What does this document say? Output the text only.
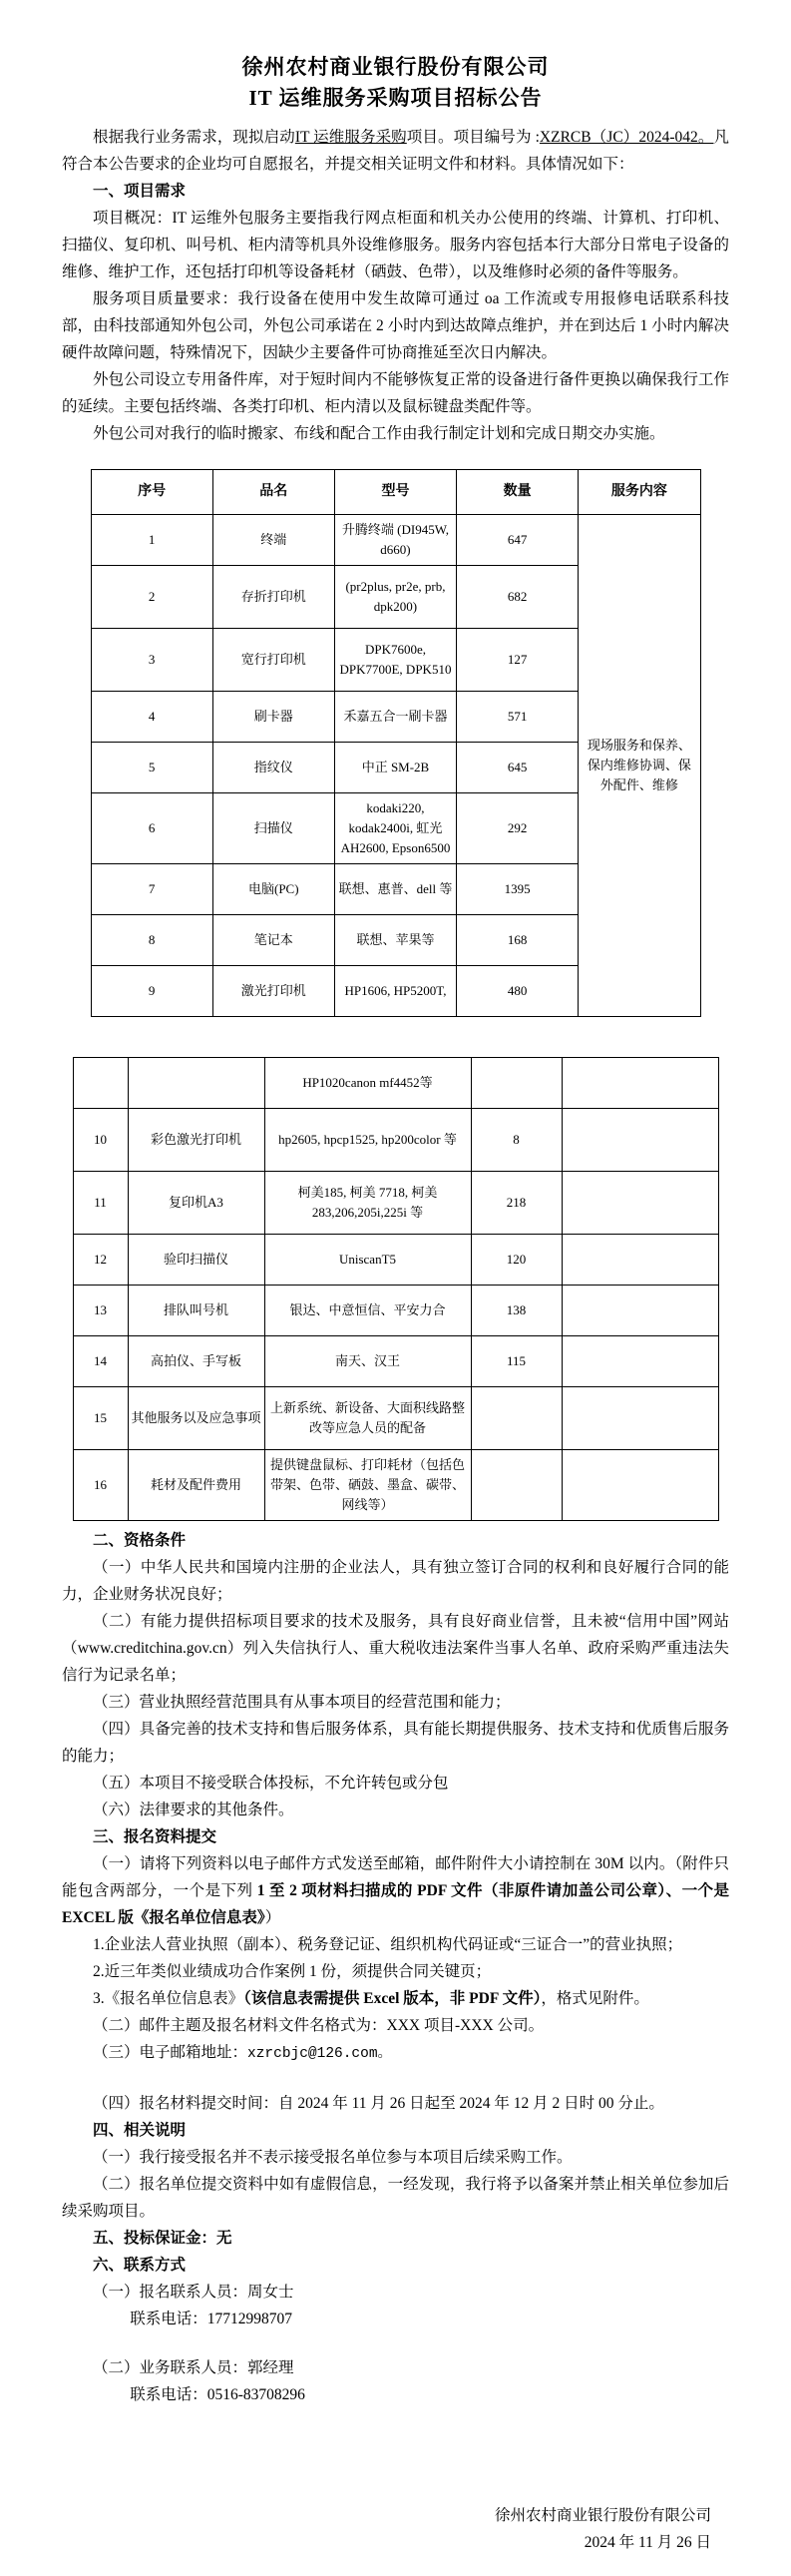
徐州农村商业银行股份有限公司
IT 运维服务采购项目招标公告

根据我行业务需求，现拟启动IT 运维服务采购项目。项目编号为 :XZRCB（JC）2024-042。凡符合本公告要求的企业均可自愿报名，并提交相关证明文件和材料。具体情况如下：

一、项目需求

项目概况：IT 运维外包服务主要指我行网点柜面和机关办公使用的终端、计算机、打印机、扫描仪、复印机、叫号机、柜内清等机具外设维修服务。服务内容包括本行大部分日常电子设备的维修、维护工作，还包括打印机等设备耗材（硒鼓、色带），以及维修时必须的备件等服务。

服务项目质量要求：我行设备在使用中发生故障可通过 oa 工作流或专用报修电话联系科技部，由科技部通知外包公司，外包公司承诺在 2 小时内到达故障点维护，并在到达后 1 小时内解决硬件故障问题，特殊情况下，因缺少主要备件可协商推延至次日内解决。

外包公司设立专用备件库，对于短时间内不能够恢复正常的设备进行备件更换以确保我行工作的延续。主要包括终端、各类打印机、柜内清以及鼠标键盘类配件等。

外包公司对我行的临时搬家、布线和配合工作由我行制定计划和完成日期交办实施。

序号	品名	型号	数量	服务内容
1	终端	升腾终端 (DI945W, d660)	647	现场服务和保养、保内维修协调、保外配件、维修
2	存折打印机	(pr2plus, pr2e, prb, dpk200)	682	
3	宽行打印机	DPK7600e, DPK7700E, DPK510	127	
4	刷卡器	禾嘉五合一刷卡器	571	
5	指纹仪	中正 SM-2B	645	
6	扫描仪	kodaki220, kodak2400i, 虹光 AH2600, Epson6500	292	
7	电脑(PC)	联想、惠普、dell 等	1395	
8	笔记本	联想、苹果等	168	
9	激光打印机	HP1606, HP5200T,	480	
		HP1020canon mf4452等		
10	彩色激光打印机	hp2605, hpcp1525, hp200color 等	8	
11	复印机A3	柯美185, 柯美 7718, 柯美 283,206,205i,225i 等	218	
12	验印扫描仪	UniscanT5	120	
13	排队叫号机	银达、中意恒信、平安力合	138	
14	高拍仪、手写板	南天、汉王	115	
15	其他服务以及应急事项	上新系统、新设备、大面积线路整改等应急人员的配备		
16	耗材及配件费用	提供键盘鼠标、打印耗材（包括色带架、色带、硒鼓、墨盒、碳带、网线等）		

二、资格条件

（一）中华人民共和国境内注册的企业法人，具有独立签订合同的权利和良好履行合同的能力，企业财务状况良好；

（二）有能力提供招标项目要求的技术及服务，具有良好商业信誉，且未被“信用中国”网站（www.creditchina.gov.cn）列入失信执行人、重大税收违法案件当事人名单、政府采购严重违法失信行为记录名单；

（三）营业执照经营范围具有从事本项目的经营范围和能力；

（四）具备完善的技术支持和售后服务体系，具有能长期提供服务、技术支持和优质售后服务的能力；

（五）本项目不接受联合体投标，不允许转包或分包

（六）法律要求的其他条件。

三、报名资料提交

（一）请将下列资料以电子邮件方式发送至邮箱，邮件附件大小请控制在 30M 以内。（附件只能包含两部分，一个是下列 1 至 2 项材料扫描成的 PDF 文件（非原件请加盖公司公章）、一个是 EXCEL 版《报名单位信息表》）

1.企业法人营业执照（副本）、税务登记证、组织机构代码证或“三证合一”的营业执照；

2.近三年类似业绩成功合作案例 1 份，须提供合同关键页；

3.《报名单位信息表》（该信息表需提供 Excel 版本，非 PDF 文件），格式见附件。

（二）邮件主题及报名材料文件名格式为：XXX 项目-XXX 公司。

（三）电子邮箱地址：xzrcbjc@126.com。

（四）报名材料提交时间：自 2024 年 11 月 26 日起至 2024 年 12 月 2 日时 00 分止。

四、相关说明

（一）我行接受报名并不表示接受报名单位参与本项目后续采购工作。

（二）报名单位提交资料中如有虚假信息，一经发现，我行将予以备案并禁止相关单位参加后续采购项目。

五、投标保证金：无

六、联系方式

（一）报名联系人员：周女士

联系电话：17712998707

（二）业务联系人员：郭经理

联系电话：0516-83708296

徐州农村商业银行股份有限公司
2024 年 11 月 26 日
